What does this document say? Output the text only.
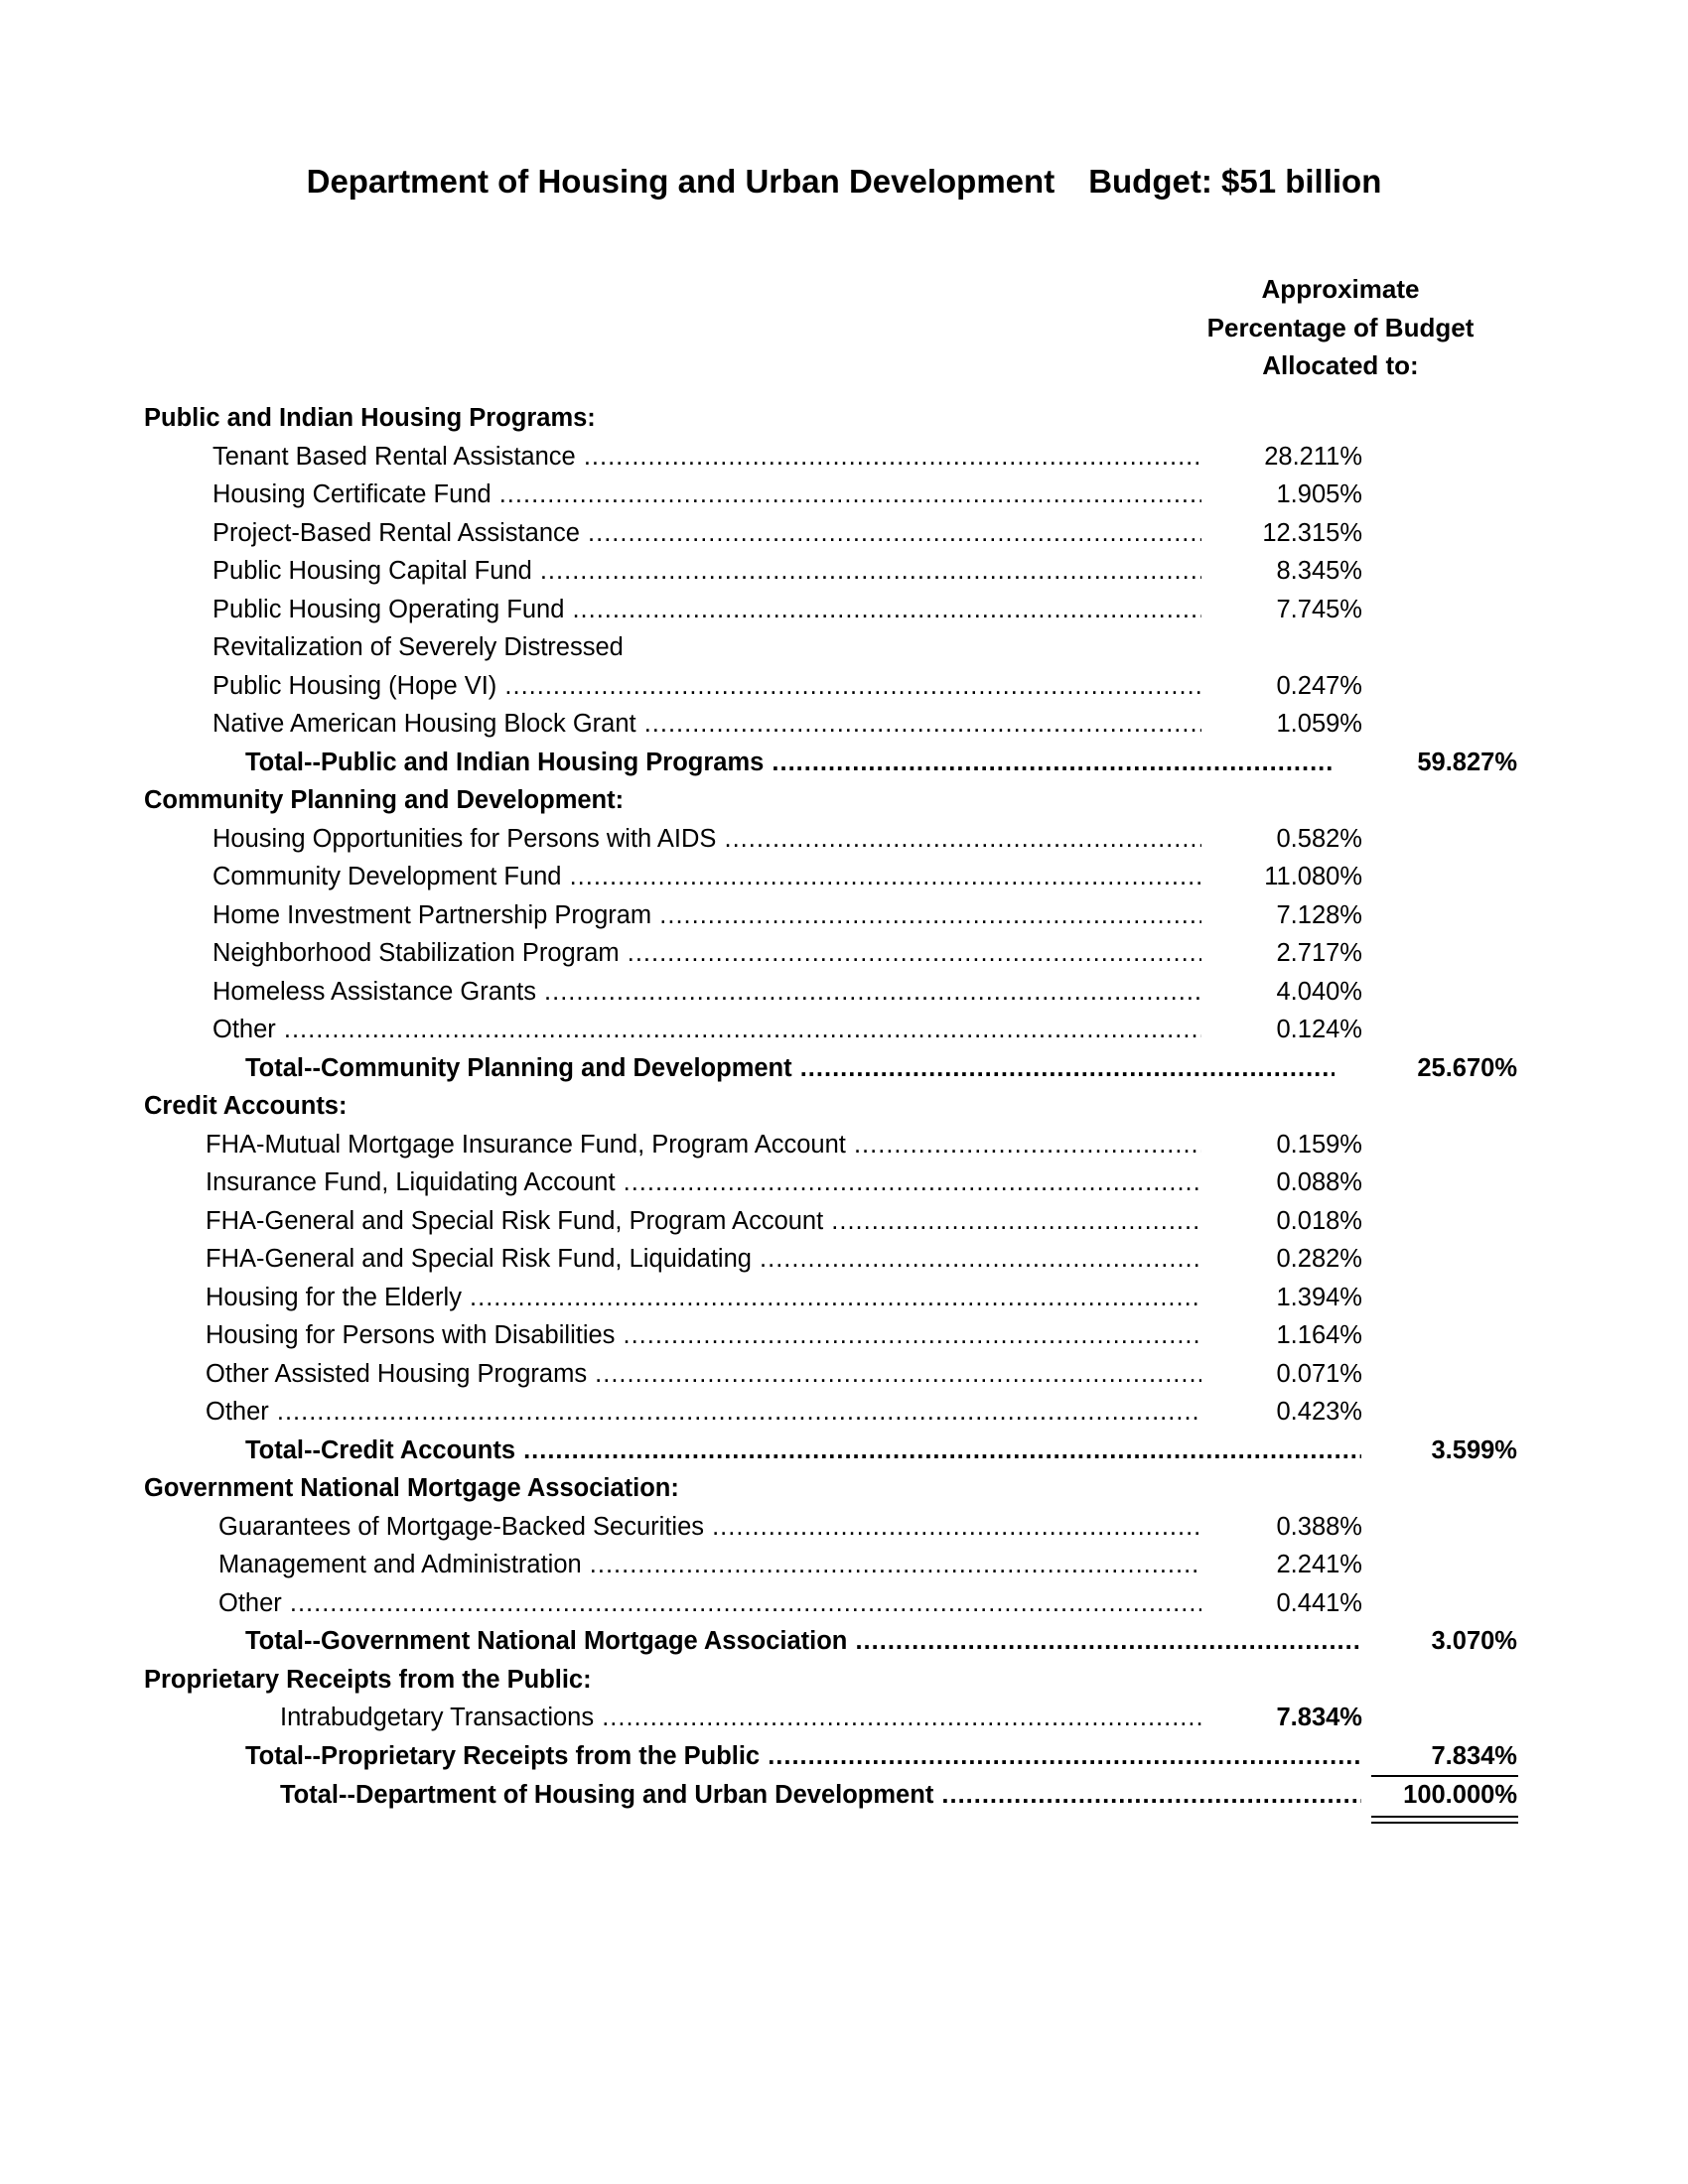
Department of Housing and Urban Development Budget: $51 billion
Approximate
Percentage of Budget
Allocated to:
Public and Indian Housing Programs:
Tenant Based Rental Assistance .....	28.211%
Housing Certificate Fund .....	1.905%
Project-Based Rental Assistance .....	12.315%
Public Housing Capital Fund .....	8.345%
Public Housing Operating Fund .....	7.745%
Revitalization of Severely Distressed
Public Housing (Hope VI) .....	0.247%
Native American Housing Block Grant .....	1.059%
Total--Public and Indian Housing Programs .....	59.827%
Community Planning and Development:
Housing Opportunities for Persons with AIDS .....	0.582%
Community Development Fund .....	11.080%
Home Investment Partnership Program .....	7.128%
Neighborhood Stabilization Program .....	2.717%
Homeless Assistance Grants .....	4.040%
Other .....	0.124%
Total--Community Planning and Development .....	25.670%
Credit Accounts:
FHA-Mutual Mortgage Insurance Fund, Program Account .....	0.159%
Insurance Fund, Liquidating Account .....	0.088%
FHA-General and Special Risk Fund, Program Account .....	0.018%
FHA-General and Special Risk Fund, Liquidating .....	0.282%
Housing for the Elderly .....	1.394%
Housing for Persons with Disabilities .....	1.164%
Other Assisted Housing Programs .....	0.071%
Other .....	0.423%
Total--Credit Accounts .....	3.599%
Government National Mortgage Association:
Guarantees of Mortgage-Backed Securities .....	0.388%
Management and Administration .....	2.241%
Other .....	0.441%
Total--Government National Mortgage Association .....	3.070%
Proprietary Receipts from the Public:
Intrabudgetary Transactions .....	7.834%
Total--Proprietary Receipts from the Public .....	7.834%
Total--Department of Housing and Urban Development .....	100.000%
